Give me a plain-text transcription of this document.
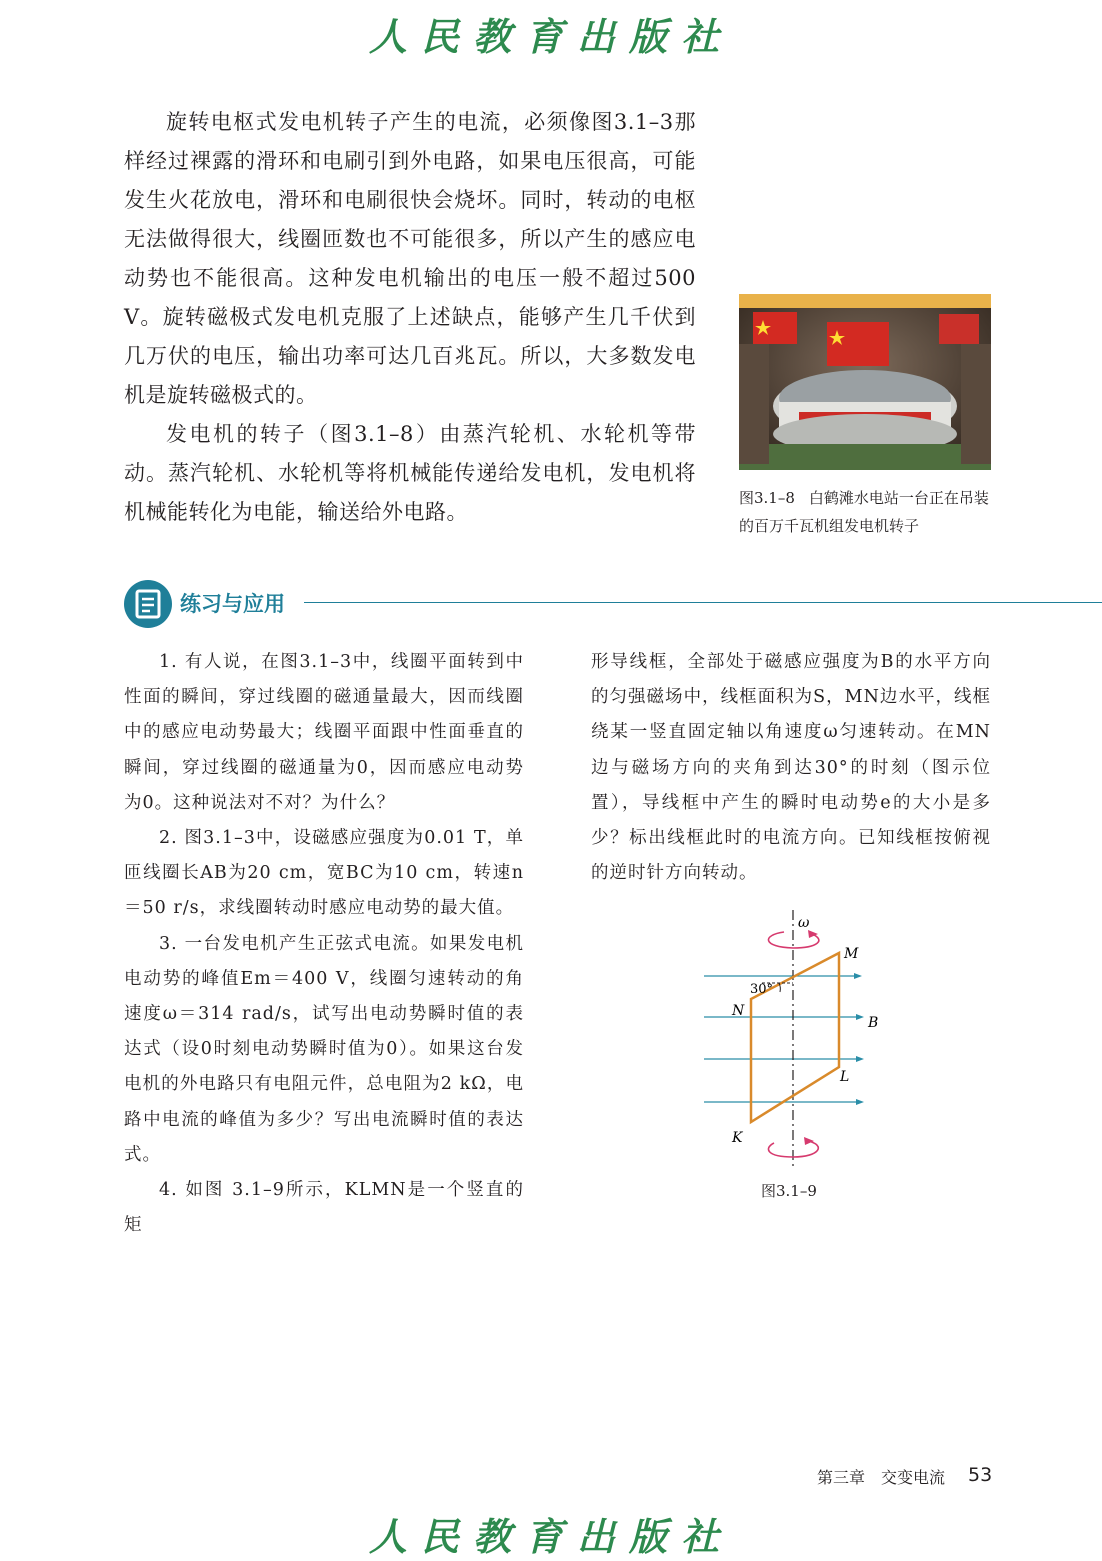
人民教育出版社

旋转电枢式发电机转子产生的电流，必须像图3.1–3那样经过裸露的滑环和电刷引到外电路，如果电压很高，可能发生火花放电，滑环和电刷很快会烧坏。同时，转动的电枢无法做得很大，线圈匝数也不可能很多，所以产生的感应电动势也不能很高。这种发电机输出的电压一般不超过500 V。旋转磁极式发电机克服了上述缺点，能够产生几千伏到几万伏的电压，输出功率可达几百兆瓦。所以，大多数发电机是旋转磁极式的。

发电机的转子（图3.1–8）由蒸汽轮机、水轮机等带动。蒸汽轮机、水轮机等将机械能传递给发电机，发电机将机械能转化为电能，输送给外电路。

图3.1–8 白鹤滩水电站一台正在吊装的百万千瓦机组发电机转子
练习与应用

1. 有人说，在图3.1–3中，线圈平面转到中性面的瞬间，穿过线圈的磁通量最大，因而线圈中的感应电动势最大；线圈平面跟中性面垂直的瞬间，穿过线圈的磁通量为0，因而感应电动势为0。这种说法对不对？为什么？

2. 图3.1–3中，设磁感应强度为0.01 T，单匝线圈长AB为20 cm，宽BC为10 cm，转速n＝50 r/s，求线圈转动时感应电动势的最大值。

3. 一台发电机产生正弦式电流。如果发电机电动势的峰值Em＝400 V，线圈匀速转动的角速度ω＝314 rad/s，试写出电动势瞬时值的表达式（设0时刻电动势瞬时值为0）。如果这台发电机的外电路只有电阻元件，总电阻为2 kΩ，电路中电流的峰值为多少？写出电流瞬时值的表达式。

4. 如图 3.1–9所示，KLMN是一个竖直的矩

形导线框，全部处于磁感应强度为B的水平方向的匀强磁场中，线框面积为S，MN边水平，线框绕某一竖直固定轴以角速度ω匀速转动。在MN边与磁场方向的夹角到达30°的时刻（图示位置），导线框中产生的瞬时电动势e的大小是多少？标出线框此时的电流方向。已知线框按俯视的逆时针方向转动。

ω
30°
M
N
B
L
K
图3.1–9
第三章　交变电流 53
人民教育出版社
